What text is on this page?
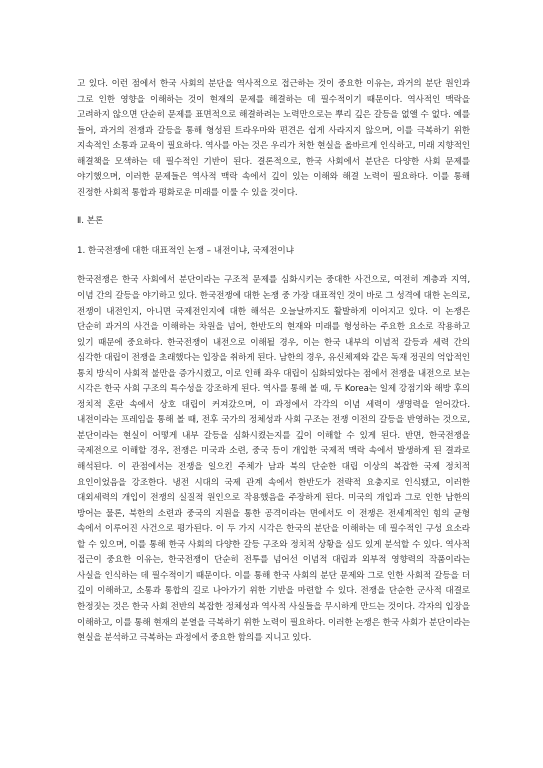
고 있다. 이런 점에서 한국 사회의 분단을 역사적으로 접근하는 것이 중요한 이유는, 과거의 분단 원인과 그로 인한 영향을 이해하는 것이 현재의 문제를 해결하는 데 필수적이기 때문이다. 역사적인 맥락을 고려하지 않으면 단순히 문제를 표면적으로 해결하려는 노력만으로는 뿌리 깊은 갈등을 없앨 수 없다. 예를 들어, 과거의 전쟁과 갈등을 통해 형성된 트라우마와 편견은 쉽게 사라지지 않으며, 이를 극복하기 위한 지속적인 소통과 교육이 필요하다. 역사를 아는 것은 우리가 처한 현실을 올바르게 인식하고, 미래 지향적인 해결책을 모색하는 데 필수적인 기반이 된다. 결론적으로, 한국 사회에서 분단은 다양한 사회 문제를 야기했으며, 이러한 문제들은 역사적 맥락 속에서 깊이 있는 이해와 해결 노력이 필요하다. 이를 통해 진정한 사회적 통합과 평화로운 미래를 이룰 수 있을 것이다.

Ⅱ. 본론
1. 한국전쟁에 대한 대표적인 논쟁 – 내전이냐, 국제전이냐

한국전쟁은 한국 사회에서 분단이라는 구조적 문제를 심화시키는 중대한 사건으로, 여전히 계층과 지역, 이념 간의 갈등을 야기하고 있다. 한국전쟁에 대한 논쟁 중 가장 대표적인 것이 바로 그 성격에 대한 논의로, 전쟁이 내전인지, 아니면 국제전인지에 대한 해석은 오늘날까지도 활발하게 이어지고 있다. 이 논쟁은 단순히 과거의 사건을 이해하는 차원을 넘어, 한반도의 현재와 미래를 형성하는 주요한 요소로 작용하고 있기 때문에 중요하다. 한국전쟁이 내전으로 이해될 경우, 이는 한국 내부의 이념적 갈등과 세력 간의 심각한 대립이 전쟁을 초래했다는 입장을 취하게 된다. 남한의 경우, 유신체제와 같은 독재 정권의 억압적인 통치 방식이 사회적 불만을 증가시켰고, 이로 인해 좌우 대립이 심화되었다는 점에서 전쟁을 내전으로 보는 시각은 한국 사회 구조의 특수성을 강조하게 된다. 역사를 통해 볼 때, 두 Korea는 일제 강점기와 해방 후의 정치적 혼란 속에서 상호 대립이 커져갔으며, 이 과정에서 각각의 이념 세력이 생명력을 얻어갔다. 내전이라는 프레임을 통해 볼 때, 전후 국가의 정체성과 사회 구조는 전쟁 이전의 갈등을 반영하는 것으로, 분단이라는 현실이 어떻게 내부 갈등을 심화시켰는지를 깊이 이해할 수 있게 된다. 반면, 한국전쟁을 국제전으로 이해할 경우, 전쟁은 미국과 소련, 중국 등이 개입한 국제적 맥락 속에서 발생하게 된 결과로 해석된다. 이 관점에서는 전쟁을 일으킨 주체가 남과 북의 단순한 대립 이상의 복잡한 국제 정치적 요인이었음을 강조한다. 냉전 시대의 국제 관계 속에서 한반도가 전략적 요충지로 인식됐고, 이러한 대외세력의 개입이 전쟁의 실질적 원인으로 작용했음을 주장하게 된다. 미국의 개입과 그로 인한 남한의 방어는 물론, 북한의 소련과 중국의 지원을 통한 공격이라는 면에서도 이 전쟁은 전세계적인 힘의 균형 속에서 이루어진 사건으로 평가된다. 이 두 가지 시각은 한국의 분단을 이해하는 데 필수적인 구성 요소라 할 수 있으며, 이를 통해 한국 사회의 다양한 갈등 구조와 정치적 상황을 심도 있게 분석할 수 있다. 역사적 접근이 중요한 이유는, 한국전쟁이 단순히 전투를 넘어선 이념적 대립과 외부적 영향력의 작품이라는 사실을 인식하는 데 필수적이기 때문이다. 이를 통해 한국 사회의 분단 문제와 그로 인한 사회적 갈등을 더 깊이 이해하고, 소통과 통합의 길로 나아가기 위한 기반을 마련할 수 있다. 전쟁을 단순한 군사적 대결로 한정짓는 것은 한국 사회 전반의 복잡한 정체성과 역사적 사실들을 무시하게 만드는 것이다. 각자의 입장을 이해하고, 이를 통해 현재의 분열을 극복하기 위한 노력이 필요하다. 이러한 논쟁은 한국 사회가 분단이라는 현실을 분석하고 극복하는 과정에서 중요한 함의를 지니고 있다.
